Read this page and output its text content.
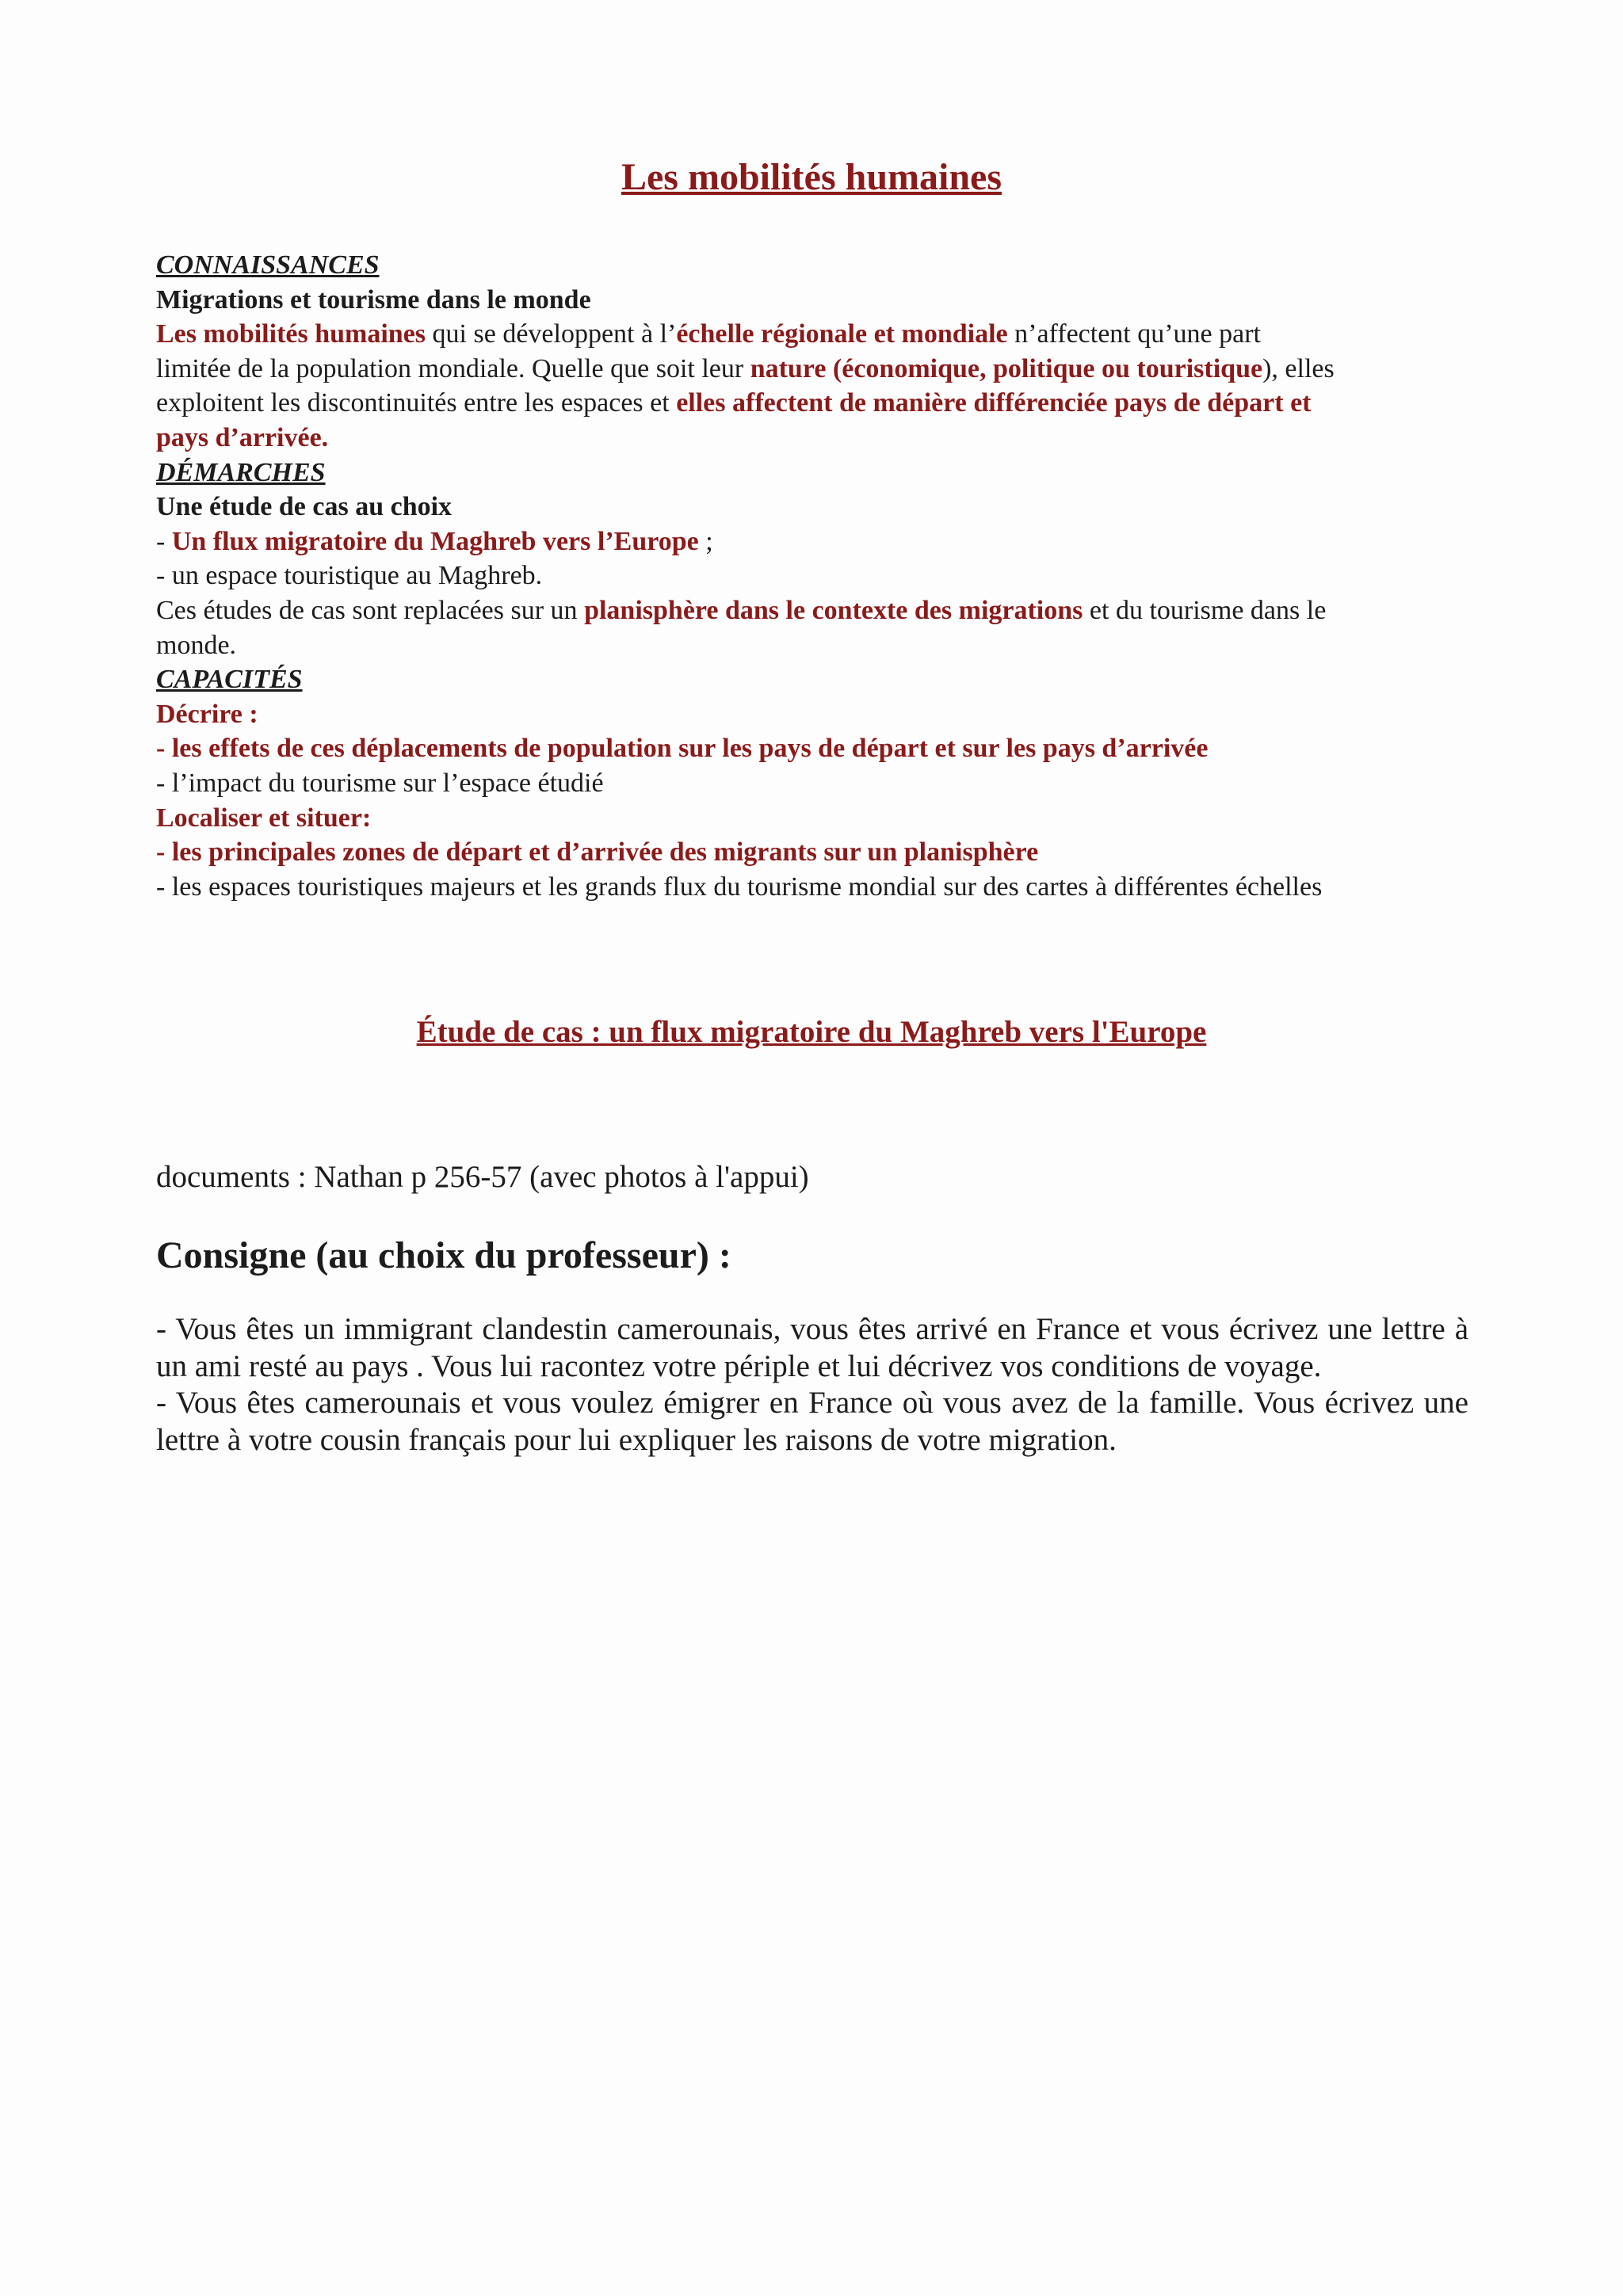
Les mobilités humaines

CONNAISSANCES

Migrations et tourisme dans le monde

Les mobilités humaines qui se développent à l’échelle régionale et mondiale n’affectent qu’une part

limitée de la population mondiale. Quelle que soit leur nature (économique, politique ou touristique), elles

exploitent les discontinuités entre les espaces et elles affectent de manière différenciée pays de départ et

pays d’arrivée.

DÉMARCHES

Une étude de cas au choix

- Un flux migratoire du Maghreb vers l’Europe ;

- un espace touristique au Maghreb.

Ces études de cas sont replacées sur un planisphère dans le contexte des migrations et du tourisme dans le

monde.

CAPACITÉS

Décrire :

- les effets de ces déplacements de population sur les pays de départ et sur les pays d’arrivée

- l’impact du tourisme sur l’espace étudié

Localiser et situer:

- les principales zones de départ et d’arrivée des migrants sur un planisphère

- les espaces touristiques majeurs et les grands flux du tourisme mondial sur des cartes à différentes échelles

Étude de cas : un flux migratoire du Maghreb vers l'Europe
documents : Nathan p 256-57 (avec photos à l'appui)
Consigne (au choix du professeur) :

- Vous êtes un immigrant clandestin camerounais, vous êtes arrivé en France et vous écrivez une lettre à un ami resté au pays . Vous lui racontez votre périple et lui décrivez vos conditions de voyage.

- Vous êtes camerounais et vous voulez émigrer en France où vous avez de la famille. Vous écrivez une lettre à votre cousin français pour lui expliquer les raisons de votre migration.
